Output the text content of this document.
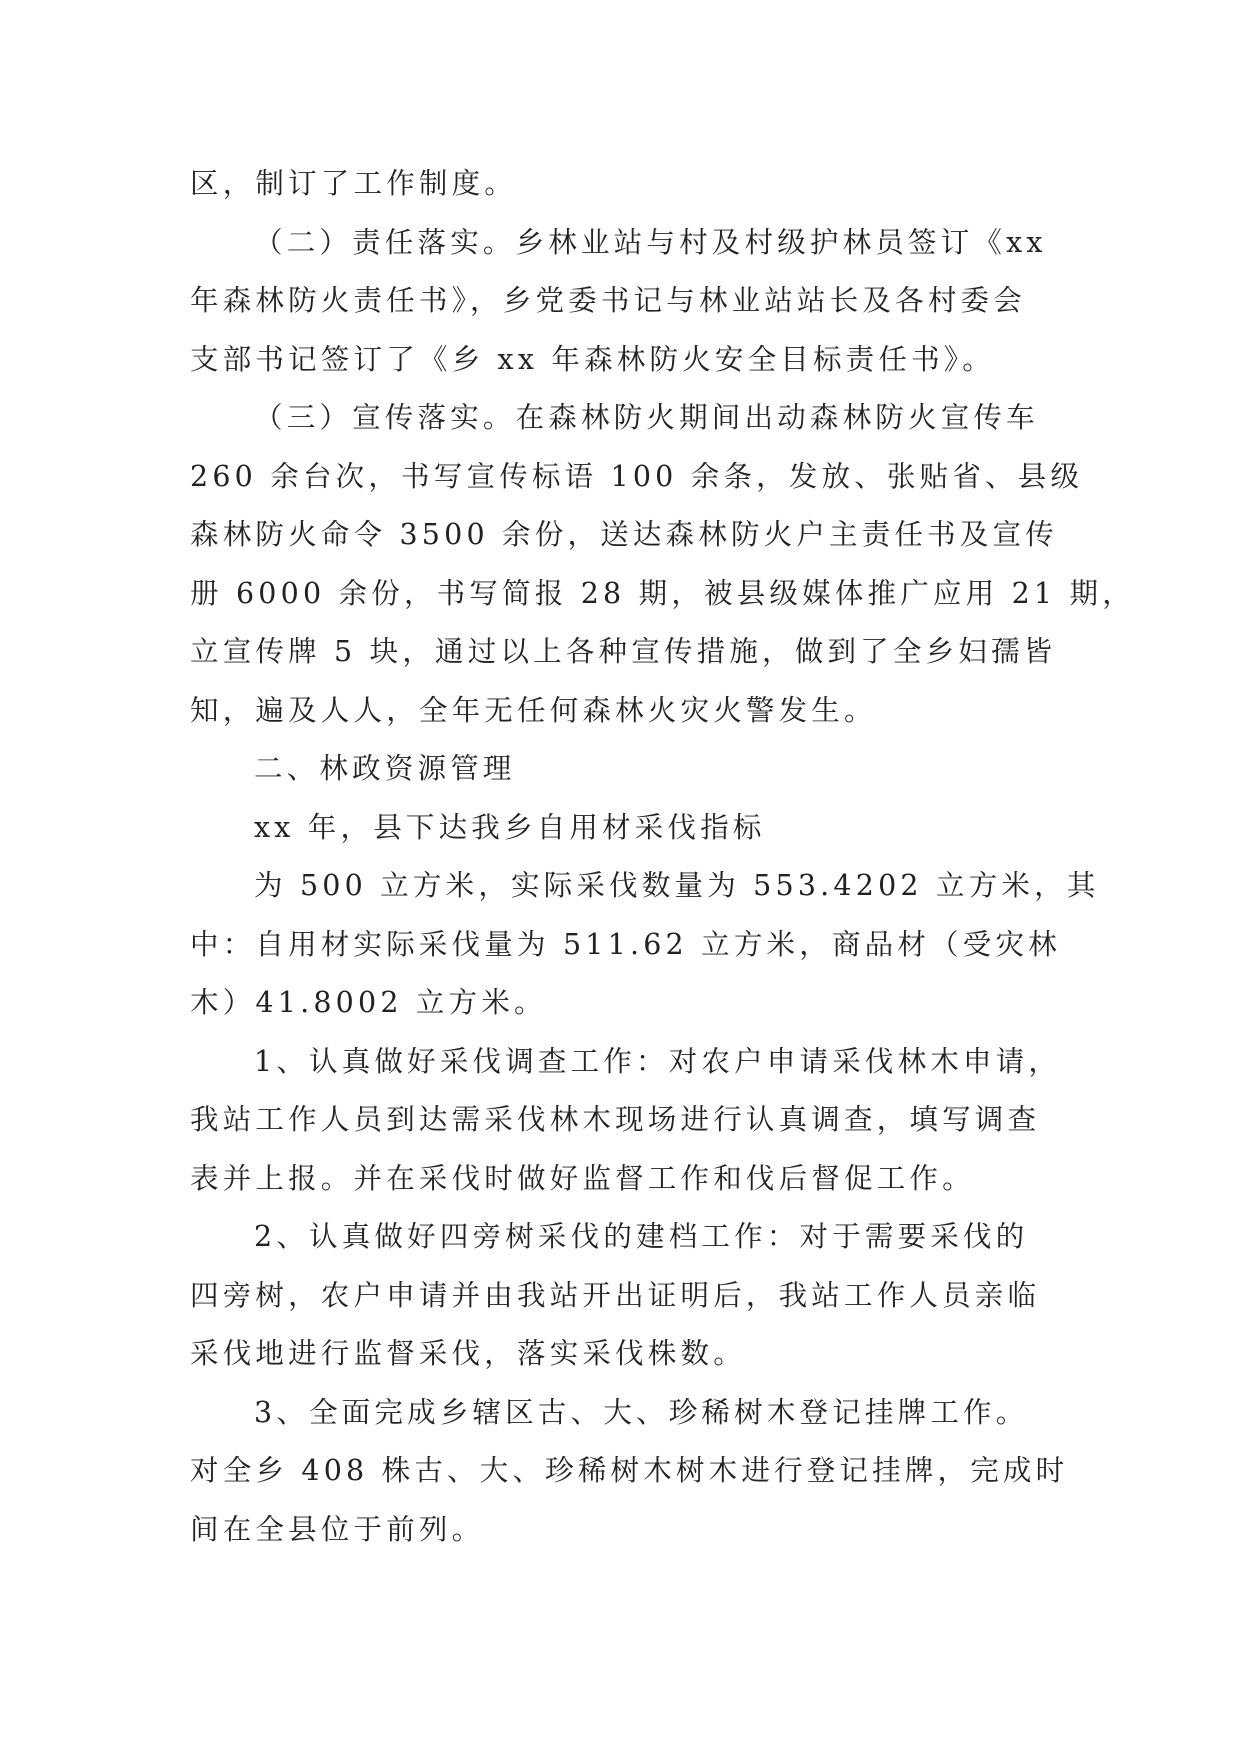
区，制订了工作制度。
（二）责任落实。乡林业站与村及村级护林员签订《xx
年森林防火责任书》，乡党委书记与林业站站长及各村委会
支部书记签订了《乡 xx 年森林防火安全目标责任书》。
（三）宣传落实。在森林防火期间出动森林防火宣传车
260 余台次，书写宣传标语 100 余条，发放、张贴省、县级
森林防火命令 3500 余份，送达森林防火户主责任书及宣传
册 6000 余份，书写简报 28 期，被县级媒体推广应用 21 期，
立宣传牌 5 块，通过以上各种宣传措施，做到了全乡妇孺皆
知，遍及人人，全年无任何森林火灾火警发生。
二、林政资源管理
xx 年，县下达我乡自用材采伐指标
为 500 立方米，实际采伐数量为 553.4202 立方米，其
中：自用材实际采伐量为 511.62 立方米，商品材（受灾林
木）41.8002 立方米。
1、认真做好采伐调查工作：对农户申请采伐林木申请，
我站工作人员到达需采伐林木现场进行认真调查，填写调查
表并上报。并在采伐时做好监督工作和伐后督促工作。
2、认真做好四旁树采伐的建档工作：对于需要采伐的
四旁树，农户申请并由我站开出证明后，我站工作人员亲临
采伐地进行监督采伐，落实采伐株数。
3、全面完成乡辖区古、大、珍稀树木登记挂牌工作。
对全乡 408 株古、大、珍稀树木树木进行登记挂牌，完成时
间在全县位于前列。
